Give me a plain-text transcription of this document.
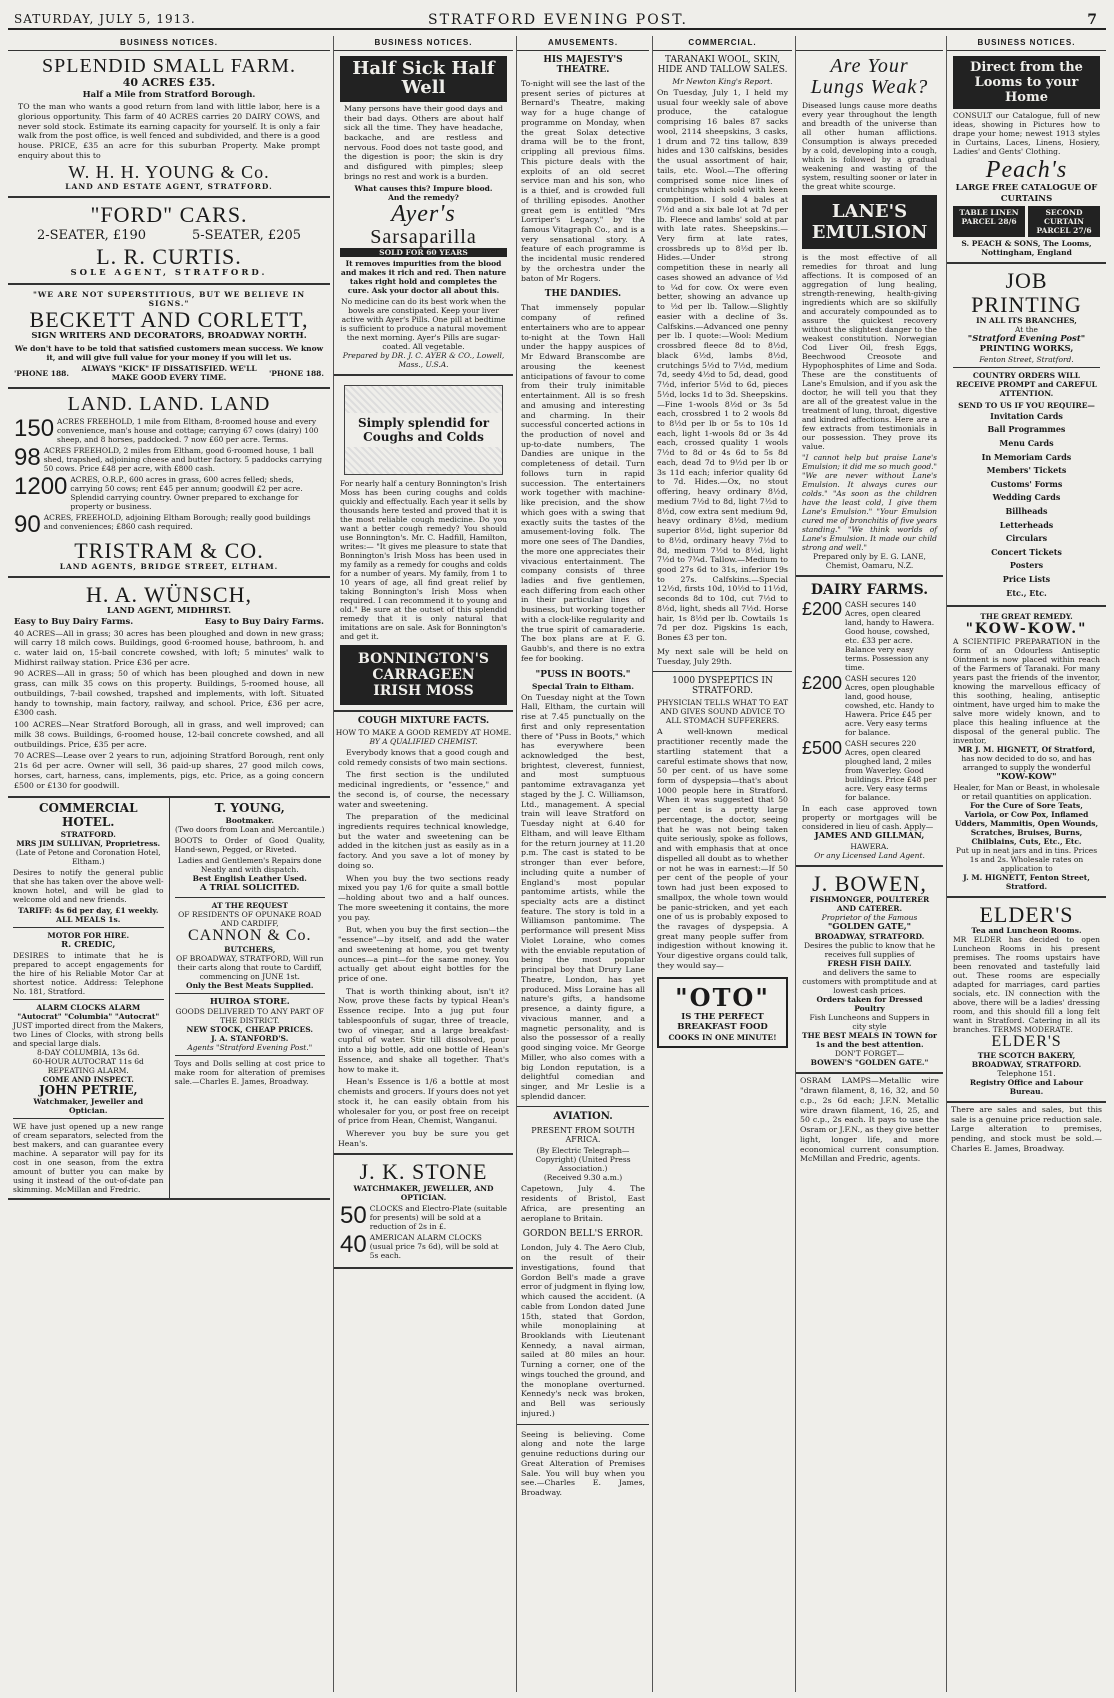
SATURDAY, JULY 5, 1913.	STRATFORD EVENING POST.	7
BUSINESS NOTICES.
SPLENDID SMALL FARM.
40 ACRES £35.
Half a Mile from Stratford Borough.
TO the man who wants a good return from land with little labor, here is a glorious opportunity. This farm of 40 ACRES carries 20 DAIRY COWS, and never sold stock. Estimate its earning capacity for yourself. It is only a fair walk from the post office, is well fenced and subdivided, and there is a good house. PRICE, £35 an acre for this suburban Property. Make prompt enquiry about this to
W. H. H. YOUNG & Co.
LAND AND ESTATE AGENT, STRATFORD.
"FORD" CARS.
2-SEATER, £190	5-SEATER, £205
L. R. CURTIS.
SOLE AGENT, STRATFORD.
"WE ARE NOT SUPERSTITIOUS, BUT WE BELIEVE IN SIGNS."
BECKETT AND CORLETT,
SIGN WRITERS AND DECORATORS, BROADWAY NORTH.
We don't have to be told that satisfied customers mean success. We know it, and will give full value for your money if you will let us.
'PHONE 188.	ALWAYS "KICK" IF DISSATISFIED. WE'LL MAKE GOOD EVERY TIME.	'PHONE 188.
LAND. LAND. LAND
150 ACRES FREEHOLD, 1 mile from Eltham, 8-roomed house and every convenience, man's house and cottage; carrying 67 cows (dairy) 100 sheep, and 8 horses, paddocked. 7 now £60 per acre. Terms.
98 ACRES FREEHOLD, 2 miles from Eltham, good 6-roomed house, 1 ball shed, trapshed, adjoining cheese and butter factory. 5 paddocks carrying 50 cows. Price £48 per acre, with £800 cash.
1200 ACRES, O.R.P., 600 acres in grass, 600 acres felled; sheds, carrying 50 cows; rent £45 per annum; goodwill £2 per acre. Splendid carrying country. Owner prepared to exchange for property or business.
90 ACRES, FREEHOLD, adjoining Eltham Borough; really good buildings and conveniences; £860 cash required.
TRISTRAM & CO.
LAND AGENTS, BRIDGE STREET, ELTHAM.
H. A. WÜNSCH,
LAND AGENT, MIDHIRST.
Easy to Buy Dairy Farms.	Easy to Buy Dairy Farms.
40 ACRES—All in grass; 30 acres has been ploughed and down in new grass; will carry 18 milch cows. Buildings, good 6-roomed house, bathroom, h. and c. water laid on, 15-bail concrete cowshed, with loft; 5 minutes' walk to Midhirst railway station. Price £36 per acre.
90 ACRES—All in grass; 50 of which has been ploughed and down in new grass, can milk 35 cows on this property. Buildings, 5-roomed house, all outbuildings, 7-bail cowshed, trapshed and implements, with loft. Situated handy to township, main factory, railway, and school. Price, £36 per acre, £300 cash.
100 ACRES—Near Stratford Borough, all in grass, and well improved; can milk 38 cows. Buildings, 6-roomed house, 12-bail concrete cowshed, and all outbuildings. Price, £35 per acre.
70 ACRES—Lease over 2 years to run, adjoining Stratford Borough, rent only 21s 6d per acre. Owner will sell, 36 paid-up shares, 27 good milch cows, horses, cart, harness, cans, implements, pigs, etc. Price, as a going concern £500 or £130 for goodwill.
COMMERCIAL HOTEL.
STRATFORD.
MRS JIM SULLIVAN, Proprietress.
(Late of Petone and Coronation Hotel, Eltham.)
Desires to notify the general public that she has taken over the above well-known hotel, and will be glad to welcome old and new friends.
TARIFF: 4s 6d per day, £1 weekly.
ALL MEALS 1s.
MOTOR FOR HIRE.
R. CREDIC,
DESIRES to intimate that he is prepared to accept engagements for the hire of his Reliable Motor Car at shortest notice. Address: Telephone No. 181, Stratford.
ALARM CLOCKS ALARM
"Autocrat" "Columbia" "Autocrat"
JUST imported direct from the Makers, two Lines of Clocks, with strong bells and special large dials.
8-DAY COLUMBIA, 13s 6d.
60-HOUR AUTOCRAT 11s 6d
REPEATING ALARM.
COME AND INSPECT.
JOHN PETRIE,
Watchmaker, Jeweller and Optician.
WE have just opened up a new range of cream separators, selected from the best makers, and can guarantee every machine. A separator will pay for its cost in one season, from the extra amount of butter you can make by using it instead of the out-of-date pan skimming. McMillan and Fredric.
T. YOUNG,
Bootmaker.
(Two doors from Loan and Mercantile.)
BOOTS to Order of Good Quality, Hand-sewn, Pegged, or Riveted.
Ladies and Gentlemen's Repairs done Neatly and with dispatch.
Best English Leather Used.
A TRIAL SOLICITED.
AT THE REQUEST
OF RESIDENTS OF OPUNAKE ROAD AND CARDIFF,
CANNON & Co.
BUTCHERS,
OF BROADWAY, STRATFORD, Will run their carts along that route to Cardiff, commencing on JUNE 1st.
Only the Best Meats Supplied.
HUIROA STORE.
GOODS DELIVERED TO ANY PART OF THE DISTRICT.
NEW STOCK, CHEAP PRICES.
J. A. STANFORD'S.
Agents "Stratford Evening Post."
Toys and Dolls selling at cost price to make room for alteration of premises sale.—Charles E. James, Broadway.
BUSINESS NOTICES.
Half Sick Half Well
Many persons have their good days and their bad days. Others are about half sick all the time. They have headache, backache, and are restless and nervous. Food does not taste good, and the digestion is poor; the skin is dry and disfigured with pimples; sleep brings no rest and work is a burden.
What causes this? Impure blood.
And the remedy?
Ayer's
Sarsaparilla
SOLD FOR 60 YEARS
It removes impurities from the blood and makes it rich and red. Then nature takes right hold and completes the cure. Ask your doctor all about this.
No medicine can do its best work when the bowels are constipated. Keep your liver active with Ayer's Pills. One pill at bedtime is sufficient to produce a natural movement the next morning. Ayer's Pills are sugar-coated. All vegetable.
Prepared by DR. J. C. AYER & CO., Lowell, Mass., U.S.A.
Simply splendid for Coughs and Colds
For nearly half a century Bonnington's Irish Moss has been curing coughs and colds quickly and effectually. Each year it sells by thousands here tested and proved that it is the most reliable cough medicine. Do you want a better cough remedy? You should use Bonnington's. Mr. C. Hadfill, Hamilton, writes:— "It gives me pleasure to state that Bonnington's Irish Moss has been used in my family as a remedy for coughs and colds for a number of years. My family, from 1 to 10 years of age, all find great relief by taking Bonnington's Irish Moss when required. I can recommend it to young and old." Be sure at the outset of this splendid remedy that it is only natural that imitations are on sale. Ask for Bonnington's and get it.
BONNINGTON'S CARRAGEEN IRISH MOSS
COUGH MIXTURE FACTS.
HOW TO MAKE A GOOD REMEDY AT HOME.
BY A QUALIFIED CHEMIST.

Everybody knows that a good cough and cold remedy consists of two main sections.

The first section is the undiluted medicinal ingredients, or "essence," and the second is, of course, the necessary water and sweetening.

The preparation of the medicinal ingredients requires technical knowledge, but the water and sweetening can be added in the kitchen just as easily as in a factory. And you save a lot of money by doing so.

When you buy the two sections ready mixed you pay 1/6 for quite a small bottle—holding about two and a half ounces. The more sweetening it contains, the more you pay.

But, when you buy the first section—the "essence"—by itself, and add the water and sweetening at home, you get twenty ounces—a pint—for the same money. You actually get about eight bottles for the price of one.

That is worth thinking about, isn't it? Now, prove these facts by typical Hean's Essence recipe. Into a jug put four tablespoonfuls of sugar, three of treacle, two of vinegar, and a large breakfast-cupful of water. Stir till dissolved, pour into a big bottle, add one bottle of Hean's Essence, and shake all together. That's how to make it.

Hean's Essence is 1/6 a bottle at most chemists and grocers. If yours does not yet stock it, he can easily obtain from his wholesaler for you, or post free on receipt of price from Hean, Chemist, Wanganui.

Wherever you buy be sure you get Hean's.

J. K. STONE
WATCHMAKER, JEWELLER, AND OPTICIAN.
50 CLOCKS and Electro-Plate (suitable for presents) will be sold at a reduction of 2s in £.
40 AMERICAN ALARM CLOCKS (usual price 7s 6d), will be sold at 5s each.
AMUSEMENTS.
HIS MAJESTY'S THEATRE.
To-night will see the last of the present series of pictures at Bernard's Theatre, making way for a huge change of programme on Monday, when the great Solax detective drama will be to the front, crippling all previous films. This picture deals with the exploits of an old secret service man and his son, who is a thief, and is crowded full of thrilling episodes. Another great gem is entitled "Mrs Lorriper's Legacy," by the famous Vitagraph Co., and is a very sensational story. A feature of each programme is the incidental music rendered by the orchestra under the baton of Mr Rogers.
THE DANDIES.
That immensely popular company of refined entertainers who are to appear to-night at the Town Hall under the happy auspices of Mr Edward Branscombe are arousing the keenest anticipations of favour to come from their truly inimitable entertainment. All is so fresh and amusing and interesting and charming. In their successful concerted actions in the production of novel and up-to-date numbers, The Dandies are unique in the completeness of detail. Turn follows turn in rapid succession. The entertainers work together with machine-like precision, and the show which goes with a swing that exactly suits the tastes of the amusement-loving folk. The more one sees of The Dandies, the more one appreciates their vivacious entertainment. The company consists of three ladies and five gentlemen, each differing from each other in their particular lines of business, but working together with a clock-like regularity and the true spirit of camaraderie. The box plans are at F. G. Gaubb's, and there is no extra fee for booking.
"PUSS IN BOOTS."
Special Train to Eltham.
On Tuesday night at the Town Hall, Eltham, the curtain will rise at 7.45 punctually on the first and only representation there of "Puss in Boots," which has everywhere been acknowledged the best, brightest, cleverest, funniest, and most sumptuous pantomime extravaganza yet staged by the J. C. Williamson, Ltd., management. A special train will leave Stratford on Tuesday night at 6.40 for Eltham, and will leave Eltham for the return journey at 11.20 p.m. The cast is stated to be stronger than ever before, including quite a number of England's most popular pantomime artists, while the specialty acts are a distinct feature. The story is told in a Williamson pantomime. The performance will present Miss Violet Loraine, who comes with the enviable reputation of being the most popular principal boy that Drury Lane Theatre, London, has yet produced. Miss Loraine has all nature's gifts, a handsome presence, a dainty figure, a vivacious manner, and a magnetic personality, and is also the possessor of a really good singing voice. Mr George Miller, who also comes with a big London reputation, is a delightful comedian and singer, and Mr Leslie is a splendid dancer.
AVIATION.
PRESENT FROM SOUTH AFRICA.
(By Electric Telegraph—Copyright) (United Press Association.)
(Received 9.30 a.m.)
Capetown, July 4. The residents of Bristol, East Africa, are presenting an aeroplane to Britain.
GORDON BELL'S ERROR.
London, July 4. The Aero Club, on the result of their investigations, found that Gordon Bell's made a grave error of judgment in flying low, which caused the accident. (A cable from London dated June 15th, stated that Gordon, while monoplaining at Brooklands with Lieutenant Kennedy, a naval airman, sailed at 80 miles an hour. Turning a corner, one of the wings touched the ground, and the monoplane overturned. Kennedy's neck was broken, and Bell was seriously injured.)
Seeing is believing. Come along and note the large genuine reductions during our Great Alteration of Premises Sale. You will buy when you see.—Charles E. James, Broadway.
COMMERCIAL.
TARANAKI WOOL, SKIN, HIDE AND TALLOW SALES.
Mr Newton King's Report.
On Tuesday, July 1, I held my usual four weekly sale of above produce, the catalogue comprising 16 bales 87 sacks wool, 2114 sheepskins, 3 casks, 1 drum and 72 tins tallow, 839 hides and 130 calfskins, besides the usual assortment of hair, tails, etc. Wool.—The offering comprised some nice lines of crutchings which sold with keen competition. I sold 4 bales at 7½d and a six bale lot at 7d per lb. Fleece and lambs' sold at par with late rates. Sheepskins.—Very firm at late rates, crossbreds up to 8½d per lb. Hides.—Under strong competition these in nearly all cases showed an advance of ½d to ¼d for cow. Ox were even better, showing an advance up to ½d per lb. Tallow.—Slightly easier with a decline of 3s. Calfskins.—Advanced one penny per lb. I quote:—Wool: Medium crossbred fleece 8d to 8½d, black 6½d, lambs 8½d, crutchings 5½d to 7½d, medium 7d, seedy 4½d to 5d, dead, good 7½d, inferior 5½d to 6d, pieces 5½d, locks 1d to 3d. Sheepskins.—Fine 1-wools 8½d or 3s 5d each, crossbred 1 to 2 wools 8d to 8½d per lb or 5s to 10s 1d each, light 1-wools 8d or 3s 4d each, crossed quality 1 wools 7½d to 8d or 4s 6d to 5s 8d each, dead 7d to 9½d per lb or 3s 11d each; inferior quality 6d to 7d. Hides.—Ox, no stout offering, heavy ordinary 8½d, medium 7½d to 8d, light 7½d to 8½d, cow extra sent medium 9d, heavy ordinary 8½d, medium superior 8½d, light superior 8d to 8½d, ordinary heavy 7½d to 8d, medium 7½d to 8½d, light 7½d to 7¾d. Tallow.—Medium to good 27s 6d to 31s, inferior 19s to 27s. Calfskins.—Special 12½d, firsts 10d, 10½d to 11½d, seconds 8d to 10d, cut 7½d to 8½d, light, sheds all 7½d. Horse hair, 1s 8½d per lb. Cowtails 1s 7d per doz. Pigskins 1s each, Bones £3 per ton.
My next sale will be held on Tuesday, July 29th.
1000 DYSPEPTICS IN STRATFORD.
PHYSICIAN TELLS WHAT TO EAT AND GIVES SOUND ADVICE TO ALL STOMACH SUFFERERS.
A well-known medical practitioner recently made the startling statement that a careful estimate shows that now, 50 per cent. of us have some form of dyspepsia—that's about 1000 people here in Stratford. When it was suggested that 50 per cent is a pretty large percentage, the doctor, seeing that he was not being taken quite seriously, spoke as follows, and with emphasis that at once dispelled all doubt as to whether or not he was in earnest:—If 50 per cent of the people of your town had just been exposed to smallpox, the whole town would be panic-stricken, and yet each one of us is probably exposed to the ravages of dyspepsia. A great many people suffer from indigestion without knowing it. Your digestive organs could talk, they would say—
"OTO"
IS THE PERFECT BREAKFAST FOOD
COOKS IN ONE MINUTE!
Are Your Lungs Weak?
Diseased lungs cause more deaths every year throughout the length and breadth of the universe than all other human afflictions. Consumption is always preceded by a cold, developing into a cough, which is followed by a gradual weakening and wasting of the system, resulting sooner or later in the great white scourge.
LANE'S EMULSION
is the most effective of all remedies for throat and lung affections. It is composed of an aggregation of lung healing, strength-renewing, health-giving ingredients which are so skilfully and accurately compounded as to assure the quickest recovery without the slightest danger to the weakest constitution. Norwegian Cod Liver Oil, fresh Eggs, Beechwood Creosote and Hypophosphites of Lime and Soda. These are the constituents of Lane's Emulsion, and if you ask the doctor, he will tell you that they are all of the greatest value in the treatment of lung, throat, digestive and kindred affections. Here are a few extracts from testimonials in our possession. They prove its value.
"I cannot help but praise Lane's Emulsion; it did me so much good."
"We are never without Lane's Emulsion. It always cures our colds." "As soon as the children have the least cold, I give them Lane's Emulsion." "Your Emulsion cured me of bronchitis of five years standing." "We think worlds of Lane's Emulsion. It made our child strong and well."
Prepared only by E. G. LANE, Chemist, Oamaru, N.Z.
DAIRY FARMS.
£200 CASH secures 140 Acres, open cleared land, handy to Hawera. Good house, cowshed, etc. £33 per acre. Balance very easy terms. Possession any time.
£200 CASH secures 120 Acres, open ploughable land, good house, cowshed, etc. Handy to Hawera. Price £45 per acre. Very easy terms for balance.
£500 CASH secures 220 Acres, open cleared ploughed land, 2 miles from Waverley. Good buildings. Price £48 per acre. Very easy terms for balance.
In each case approved town property or mortgages will be considered in lieu of cash. Apply—
JAMES AND GILLMAN,
HAWERA.
Or any Licensed Land Agent.
J. BOWEN,
FISHMONGER, POULTERER AND CATERER.
Proprietor of the Famous
"GOLDEN GATE,"
BROADWAY, STRATFORD.
Desires the public to know that he receives full supplies of
FRESH FISH DAILY.
and delivers the same to customers with promptitude and at lowest cash prices.
Orders taken for Dressed Poultry
Fish Luncheons and Suppers in city style
THE BEST MEALS IN TOWN for 1s and the best attention.
DON'T FORGET—
BOWEN'S "GOLDEN GATE."
OSRAM LAMPS—Metallic wire "drawn filament, 8, 16, 32, and 50 c.p., 2s 6d each; J.F.N. Metallic wire drawn filament, 16, 25, and 50 c.p., 2s each. It pays to use the Osram or J.F.N., as they give better light, longer life, and more economical current consumption. McMillan and Fredric, agents.
BUSINESS NOTICES.
Direct from the Looms to your Home
CONSULT our Catalogue, full of new ideas, showing in Pictures how to drape your home; newest 1913 styles in Curtains, Laces, Linens, Hosiery, Ladies' and Gents' Clothing.
Peach's
LARGE FREE CATALOGUE OF CURTAINS
TABLE LINEN PARCEL 28/6
SECOND CURTAIN PARCEL 27/6
S. PEACH & SONS, The Looms, Nottingham, England
JOB PRINTING
IN ALL ITS BRANCHES,
At the
"Stratford Evening Post"
PRINTING WORKS,
Fenton Street, Stratford.
COUNTRY ORDERS WILL RECEIVE PROMPT and CAREFUL ATTENTION.
SEND TO US IF YOU REQUIRE—
Invitation Cards
Ball Programmes
Menu Cards
In Memoriam Cards
Members' Tickets
Customs' Forms
Wedding Cards
Billheads
Letterheads
Circulars
Concert Tickets
Posters
Price Lists
Etc., Etc.
THE GREAT REMEDY.
"KOW-KOW."
A SCIENTIFIC PREPARATION in the form of an Odourless Antiseptic Ointment is now placed within reach of the Farmers of Taranaki. For many years past the friends of the inventor, knowing the marvellous efficacy of this soothing, healing, antiseptic ointment, have urged him to make the salve more widely known, and to place this healing influence at the disposal of the general public. The inventor,
MR J. M. HIGNETT, Of Stratford,
has now decided to do so, and has arranged to supply the wonderful
"KOW-KOW"
Healer, for Man or Beast, in wholesale or retail quantities on application.
For the Cure of Sore Teats, Variola, or Cow Pox, Inflamed Udders, Mammitis, Open Wounds, Scratches, Bruises, Burns, Chilblains, Cuts, Etc., Etc.
Put up in neat jars and in tins. Prices 1s and 2s. Wholesale rates on application to
J. M. HIGNETT, Fenton Street, Stratford.
ELDER'S
Tea and Luncheon Rooms.
MR ELDER has decided to open Luncheon Rooms in his present premises. The rooms upstairs have been renovated and tastefully laid out. These rooms are especially adapted for marriages, card parties socials, etc. IN connection with the above, there will be a ladies' dressing room, and this should fill a long felt want in Stratford. Catering in all its branches. TERMS MODERATE.
ELDER'S
THE SCOTCH BAKERY, BROADWAY, STRATFORD.
Telephone 151.
Registry Office and Labour Bureau.
There are sales and sales, but this sale is a genuine price reduction sale. Large alteration to premises, pending, and stock must be sold.—Charles E. James, Broadway.
